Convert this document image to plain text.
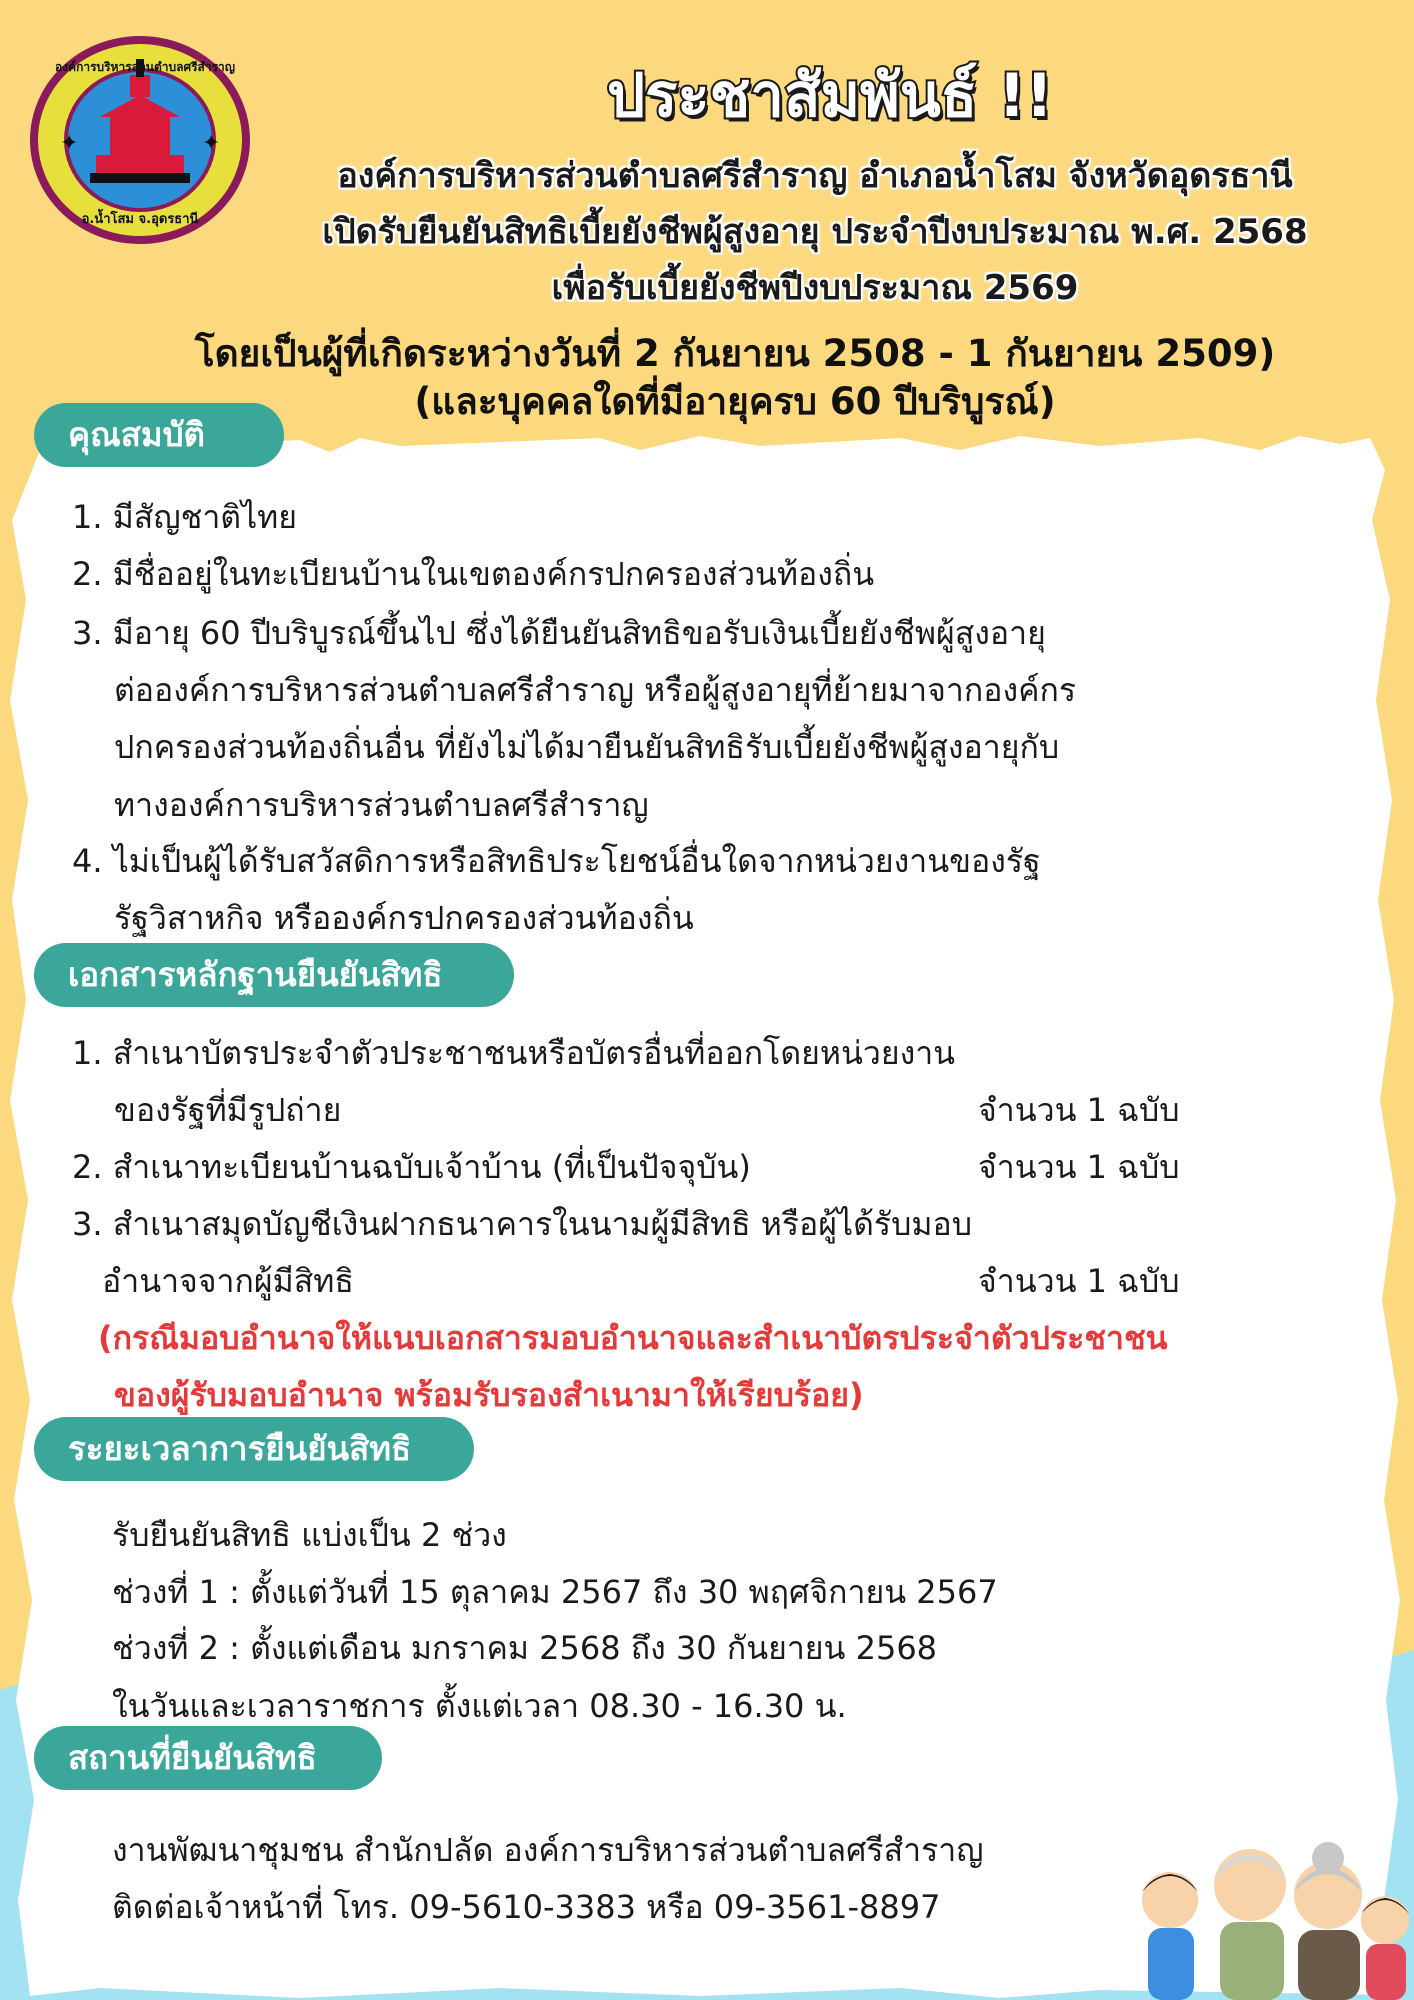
✦	✦
องค์การบริหารส่วนตำบลศรีสำราญ
อ.น้ำโสม จ.อุดรธานี
ประชาสัมพันธ์ !!
องค์การบริหารส่วนตำบลศรีสำราญ อำเภอน้ำโสม จังหวัดอุดรธานี
เปิดรับยืนยันสิทธิเบี้ยยังชีพผู้สูงอายุ ประจำปีงบประมาณ พ.ศ. 2568
เพื่อรับเบี้ยยังชีพปีงบประมาณ 2569
โดยเป็นผู้ที่เกิดระหว่างวันที่ 2 กันยายน 2508 - 1 กันยายน 2509)
(และบุคคลใดที่มีอายุครบ 60 ปีบริบูรณ์)
คุณสมบัติ
1. มีสัญชาติไทย
2. มีชื่ออยู่ในทะเบียนบ้านในเขตองค์กรปกครองส่วนท้องถิ่น
3. มีอายุ 60 ปีบริบูรณ์ขึ้นไป ซึ่งได้ยืนยันสิทธิขอรับเงินเบี้ยยังชีพผู้สูงอายุ
ต่อองค์การบริหารส่วนตำบลศรีสำราญ หรือผู้สูงอายุที่ย้ายมาจากองค์กร
ปกครองส่วนท้องถิ่นอื่น ที่ยังไม่ได้มายืนยันสิทธิรับเบี้ยยังชีพผู้สูงอายุกับ
ทางองค์การบริหารส่วนตำบลศรีสำราญ
4. ไม่เป็นผู้ได้รับสวัสดิการหรือสิทธิประโยชน์อื่นใดจากหน่วยงานของรัฐ
รัฐวิสาหกิจ หรือองค์กรปกครองส่วนท้องถิ่น
เอกสารหลักฐานยืนยันสิทธิ
1. สำเนาบัตรประจำตัวประชาชนหรือบัตรอื่นที่ออกโดยหน่วยงาน
ของรัฐที่มีรูปถ่าย	จำนวน 1 ฉบับ
2. สำเนาทะเบียนบ้านฉบับเจ้าบ้าน (ที่เป็นปัจจุบัน)	จำนวน 1 ฉบับ
3. สำเนาสมุดบัญชีเงินฝากธนาคารในนามผู้มีสิทธิ หรือผู้ได้รับมอบ
อำนาจจากผู้มีสิทธิ	จำนวน 1 ฉบับ
(กรณีมอบอำนาจให้แนบเอกสารมอบอำนาจและสำเนาบัตรประจำตัวประชาชน
ของผู้รับมอบอำนาจ พร้อมรับรองสำเนามาให้เรียบร้อย)
ระยะเวลาการยืนยันสิทธิ
รับยืนยันสิทธิ แบ่งเป็น 2 ช่วง
ช่วงที่ 1 : ตั้งแต่วันที่ 15 ตุลาคม 2567 ถึง 30 พฤศจิกายน 2567
ช่วงที่ 2 : ตั้งแต่เดือน มกราคม 2568 ถึง 30 กันยายน 2568
ในวันและเวลาราชการ ตั้งแต่เวลา 08.30 - 16.30 น.
สถานที่ยืนยันสิทธิ
งานพัฒนาชุมชน สำนักปลัด องค์การบริหารส่วนตำบลศรีสำราญ
ติดต่อเจ้าหน้าที่ โทร. 09-5610-3383 หรือ 09-3561-8897
